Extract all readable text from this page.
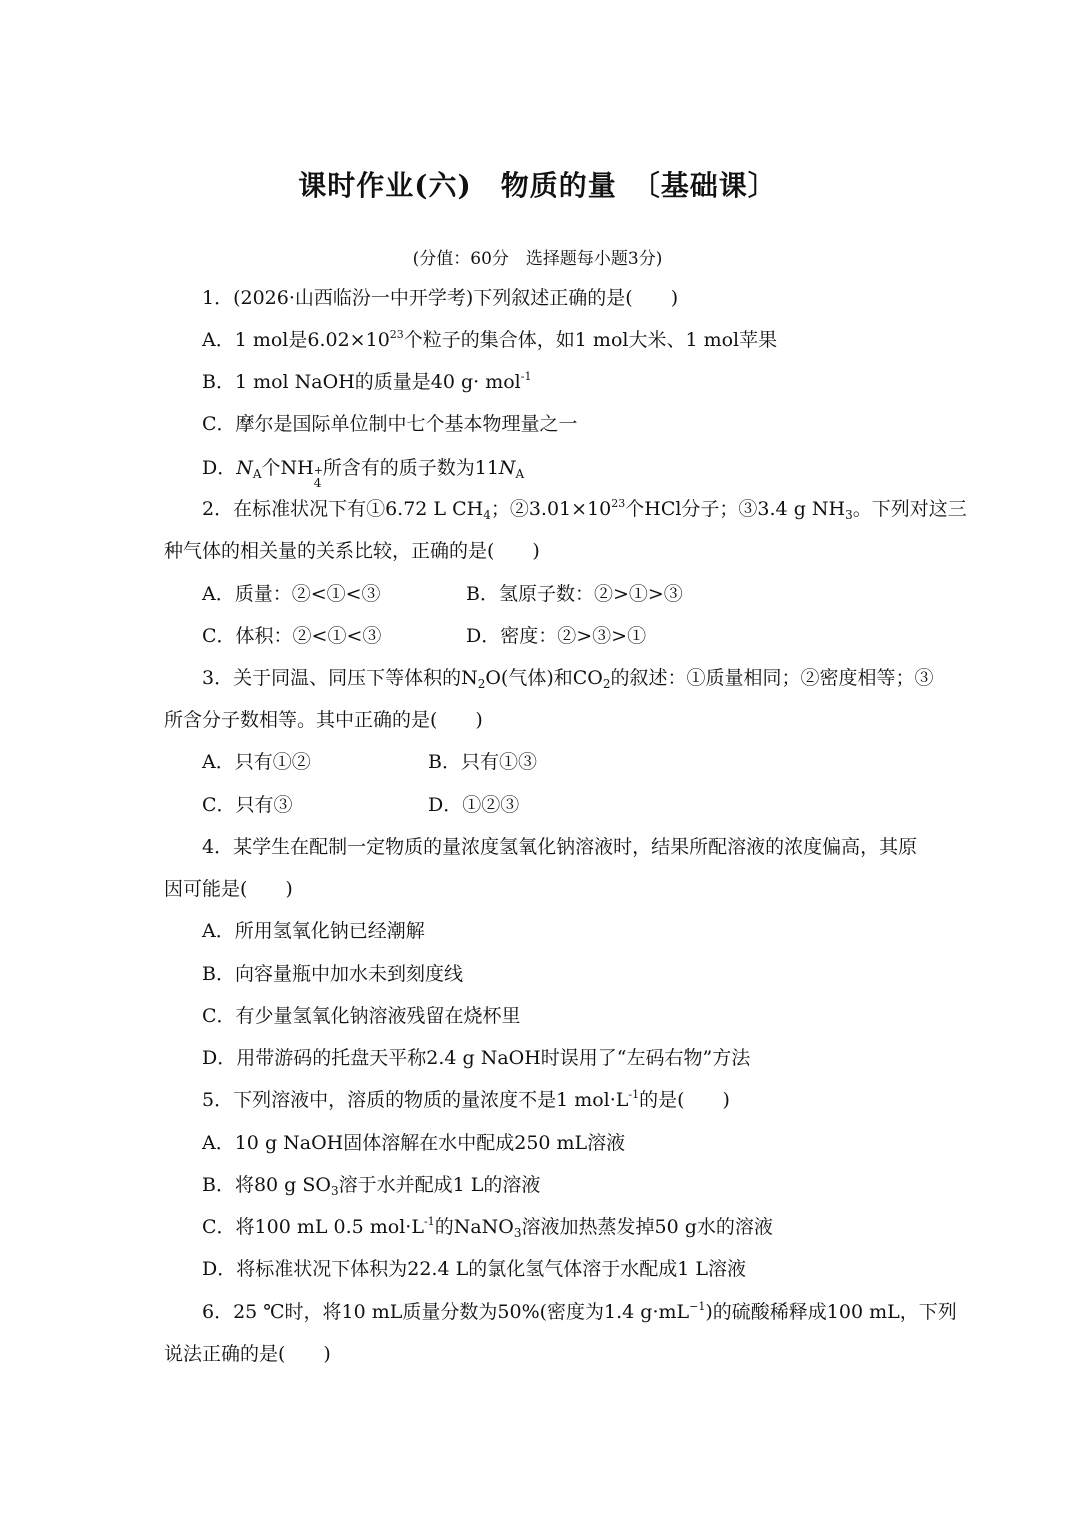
课时作业(六)　物质的量　〔基础课〕
(分值：60分　选择题每小题3分)
1．(2026·山西临汾一中开学考)下列叙述正确的是(　　)
A．1 mol是$6.02\times 10^{23}$个粒子的集合体，如1 mol大米、1 mol苹果
B．1 mol NaOH的质量是40 g· mol$^{-1}$
C．摩尔是国际单位制中七个基本物理量之一
D．$N_A$个NH +
4
所含有的质子数为$11N_A$
2．在标准状况下有①6.72 L $CH_4$；$②3.01\times 10^{23}$个HCl分子；③3.4 g $NH_3$。下列对这三
种气体的相关量的关系比较，正确的是(　　)
A．质量：②<①<③	B．氢原子数：②>①>③
C．体积：②<①<③	D．密度：②>③>①
3．关于同温、同压下等体积的$N_2O$(气体)和$CO_2$的叙述：①质量相同；②密度相等；③
所含分子数相等。其中正确的是(　　)
A．只有①②	B．只有①③
C．只有③	D．①②③
4．某学生在配制一定物质的量浓度氢氧化钠溶液时，结果所配溶液的浓度偏高，其原
因可能是(　　)
A．所用氢氧化钠已经潮解
B．向容量瓶中加水未到刻度线
C．有少量氢氧化钠溶液残留在烧杯里
D．用带游码的托盘天平称2.4 g NaOH时误用了“左码右物”方法
5．下列溶液中，溶质的物质的量浓度不是1 $mol\cdot L^{-1}$的是(　　)
A．10 g NaOH固体溶解在水中配成250 mL溶液
B．将80 g $SO_3$溶于水并配成1 L的溶液
C．将100 mL 0.5 $mol\cdot L^{-1}$的NaNO$_3$溶液加热蒸发掉50 g水的溶液
D．将标准状况下体积为22.4 L的氯化氢气体溶于水配成1 L溶液
6．25 ℃时，将10 mL质量分数为50%(密度为1.4 $g\cdot mL^{-1}$)的硫酸稀释成100 mL，下列
说法正确的是(　　)
